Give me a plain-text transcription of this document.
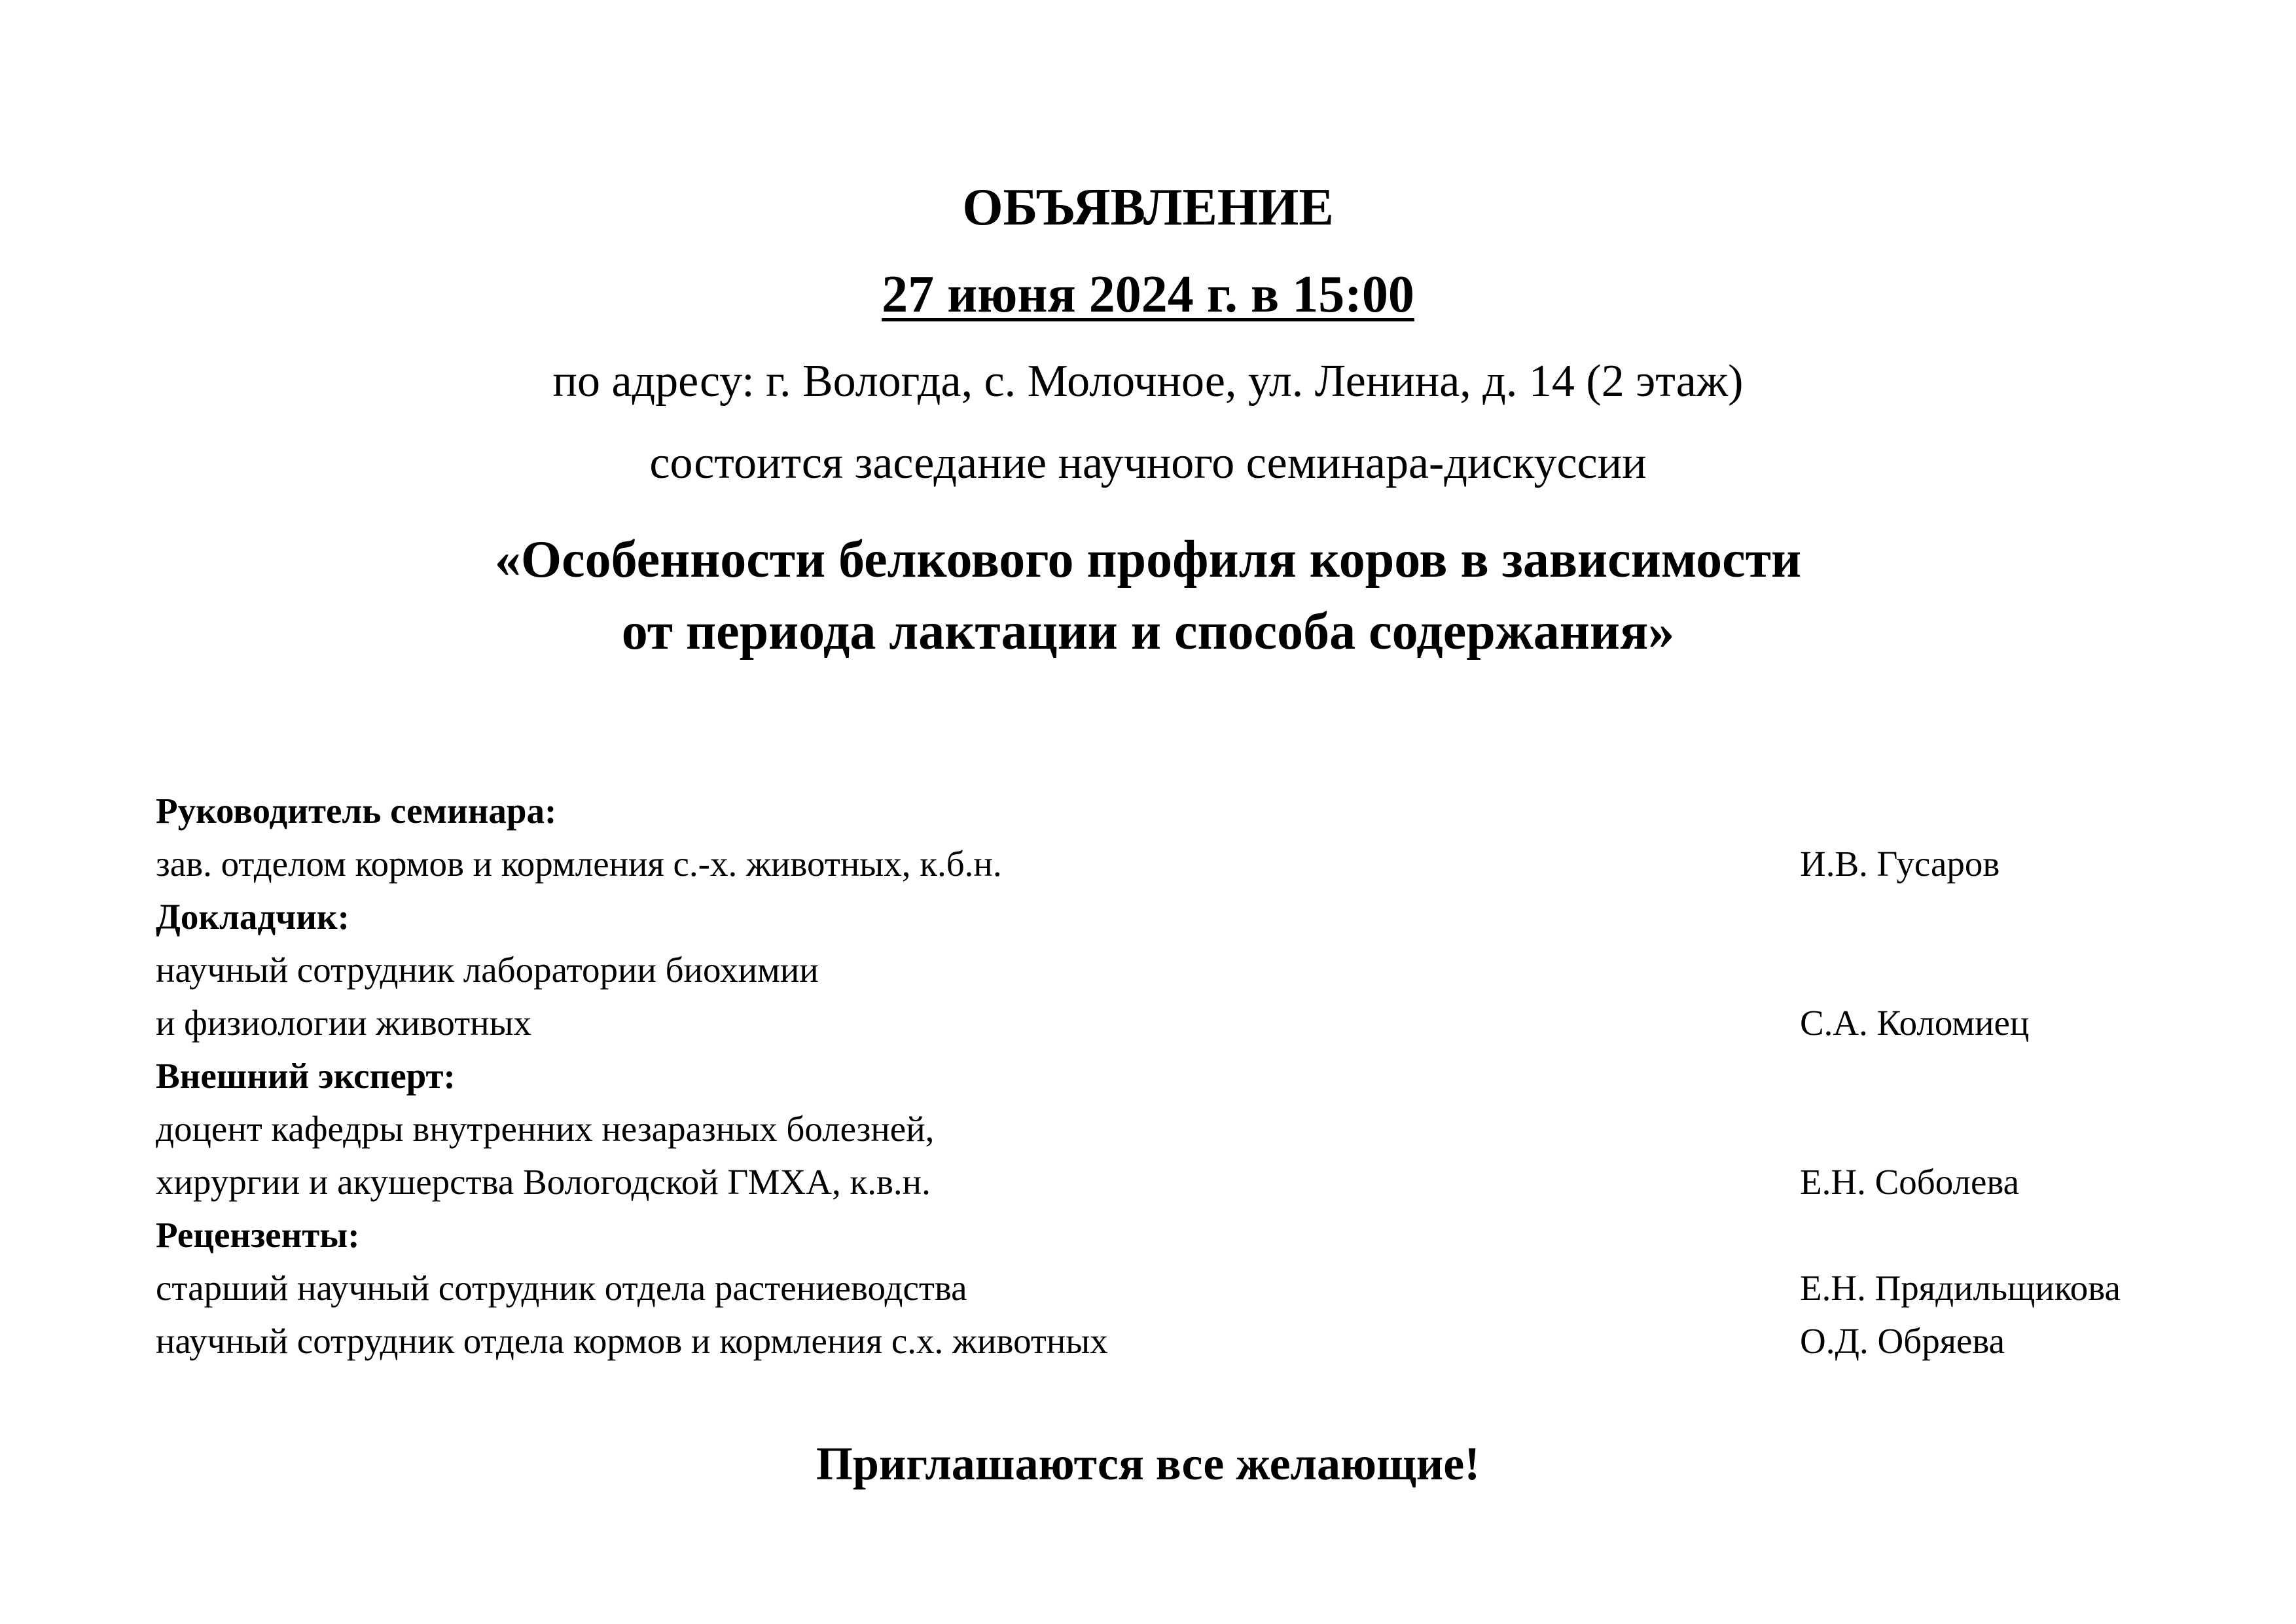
ОБЪЯВЛЕНИЕ
27 июня 2024 г. в 15:00
по адресу: г. Вологда, с. Молочное, ул. Ленина, д. 14 (2 этаж)
состоится заседание научного семинара-дискуссии
«Особенности белкового профиля коров в зависимости
от периода лактации и способа содержания»
Руководитель семинара:
зав. отделом кормов и кормления с.-х. животных, к.б.н.	И.В. Гусаров
Докладчик:
научный сотрудник лаборатории биохимии
и физиологии животных	С.А. Коломиец
Внешний эксперт:
доцент кафедры внутренних незаразных болезней,
хирургии и акушерства Вологодской ГМХА, к.в.н.	Е.Н. Соболева
Рецензенты:
старший научный сотрудник отдела растениеводства	Е.Н. Прядильщикова
научный сотрудник отдела кормов и кормления с.х. животных	О.Д. Обряева
Приглашаются все желающие!
